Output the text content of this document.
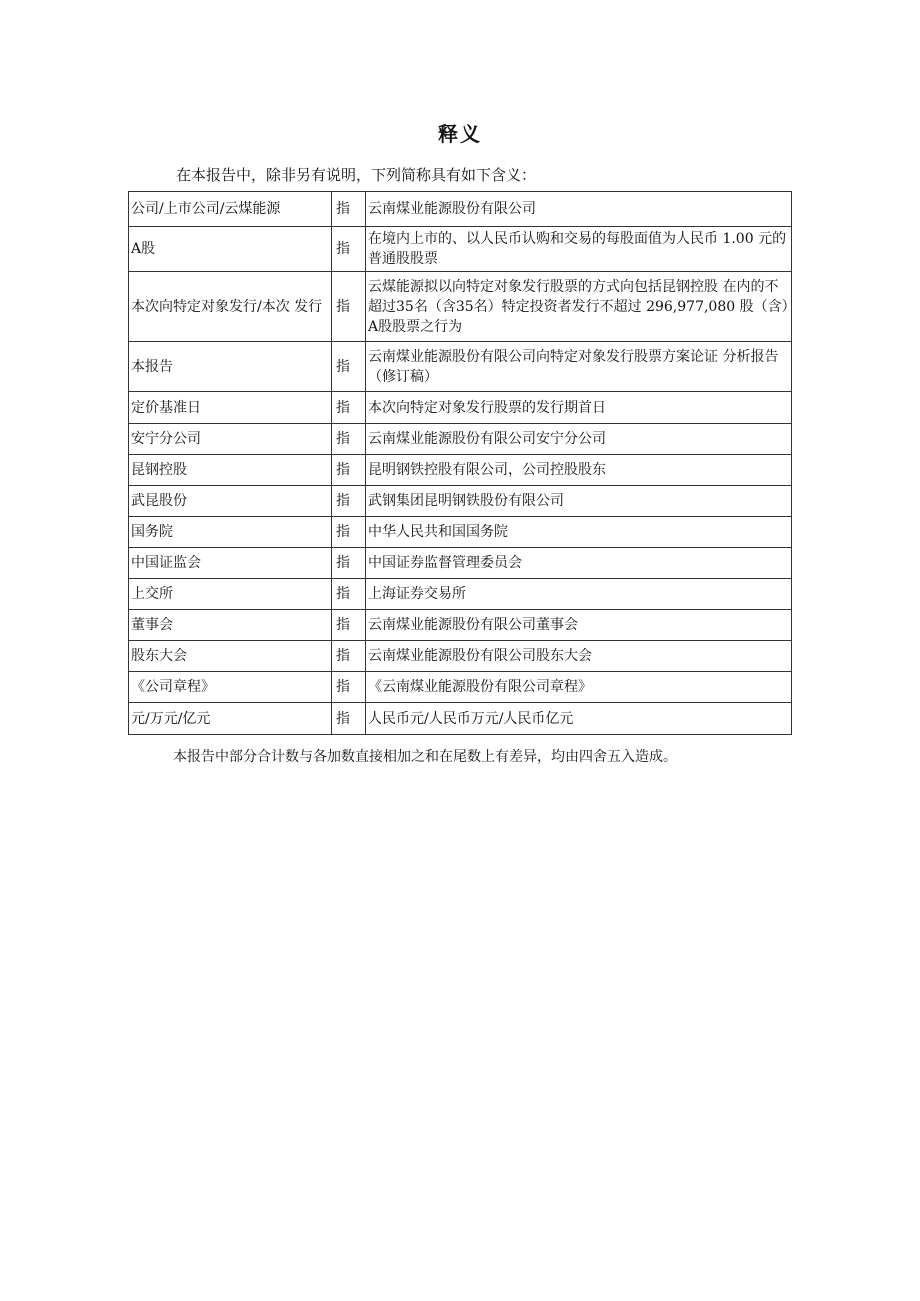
释义
在本报告中，除非另有说明，下列简称具有如下含义：
公司/上市公司/云煤能源	指	云南煤业能源股份有限公司
A股	指	在境内上市的、以人民币认购和交易的每股面值为人民币 1.00 元的普通股股票
本次向特定对象发行/本次 发行	指	云煤能源拟以向特定对象发行股票的方式向包括昆钢控股 在内的不超过35名（含35名）特定投资者发行不超过 296,977,080 股（含）A股股票之行为
本报告	指	云南煤业能源股份有限公司向特定对象发行股票方案论证 分析报告（修订稿）
定价基准日	指	本次向特定对象发行股票的发行期首日
安宁分公司	指	云南煤业能源股份有限公司安宁分公司
昆钢控股	指	昆明钢铁控股有限公司，公司控股股东
武昆股份	指	武钢集团昆明钢铁股份有限公司
国务院	指	中华人民共和国国务院
中国证监会	指	中国证券监督管理委员会
上交所	指	上海证券交易所
董事会	指	云南煤业能源股份有限公司董事会
股东大会	指	云南煤业能源股份有限公司股东大会
《公司章程》	指	《云南煤业能源股份有限公司章程》
元/万元/亿元	指	人民币元/人民币万元/人民币亿元
本报告中部分合计数与各加数直接相加之和在尾数上有差异，均由四舍五入造成。
